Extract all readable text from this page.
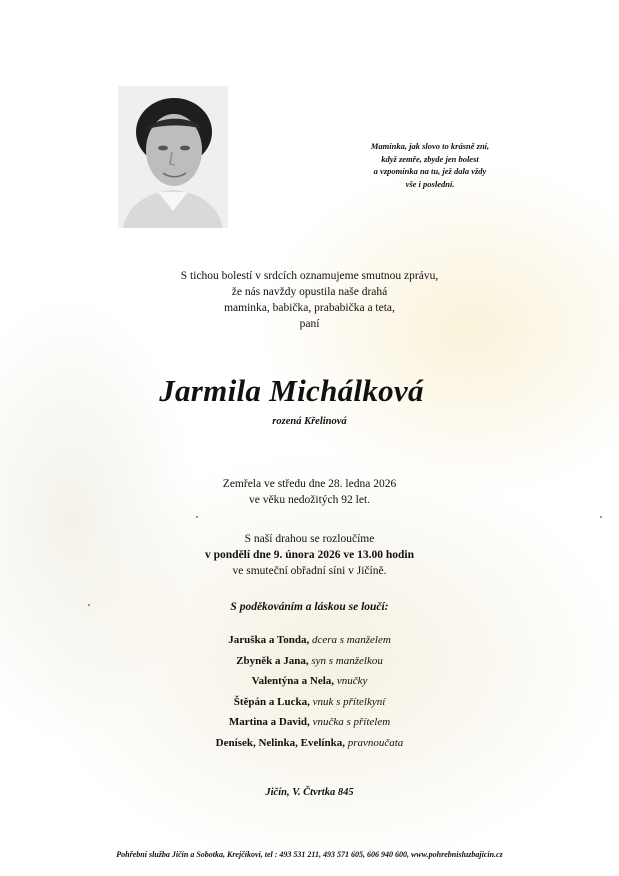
Maminka, jak slovo to krásně zní,
když zemře, zbyde jen bolest
a vzpomínka na tu, jež dala vždy
vše i poslední.
S tichou bolestí v srdcích oznamujeme smutnou zprávu,
že nás navždy opustila naše drahá
maminka, babička, prababička a teta,
paní
Jarmila Michálková
rozená Křelinová
Zemřela ve středu dne 28. ledna 2026
ve věku nedožitých 92 let.
S naší drahou se rozloučíme
v pondělí dne 9. února 2026 ve 13.00 hodin
ve smuteční obřadní síni v Jičíně.
S poděkováním a láskou se loučí:
Jaruška a Tonda, dcera s manželem
Zbyněk a Jana, syn s manželkou
Valentýna a Nela, vnučky
Štěpán a Lucka, vnuk s přítelkyní
Martina a David, vnučka s přítelem
Denísek, Nelinka, Evelínka, pravnoučata
Jičín, V. Čtvrtka 845
Pohřební služba Jičín a Sobotka, Krejčíkovi, tel : 493 531 211, 493 571 605, 606 940 600, www.pohrebnisluzbajicin.cz
